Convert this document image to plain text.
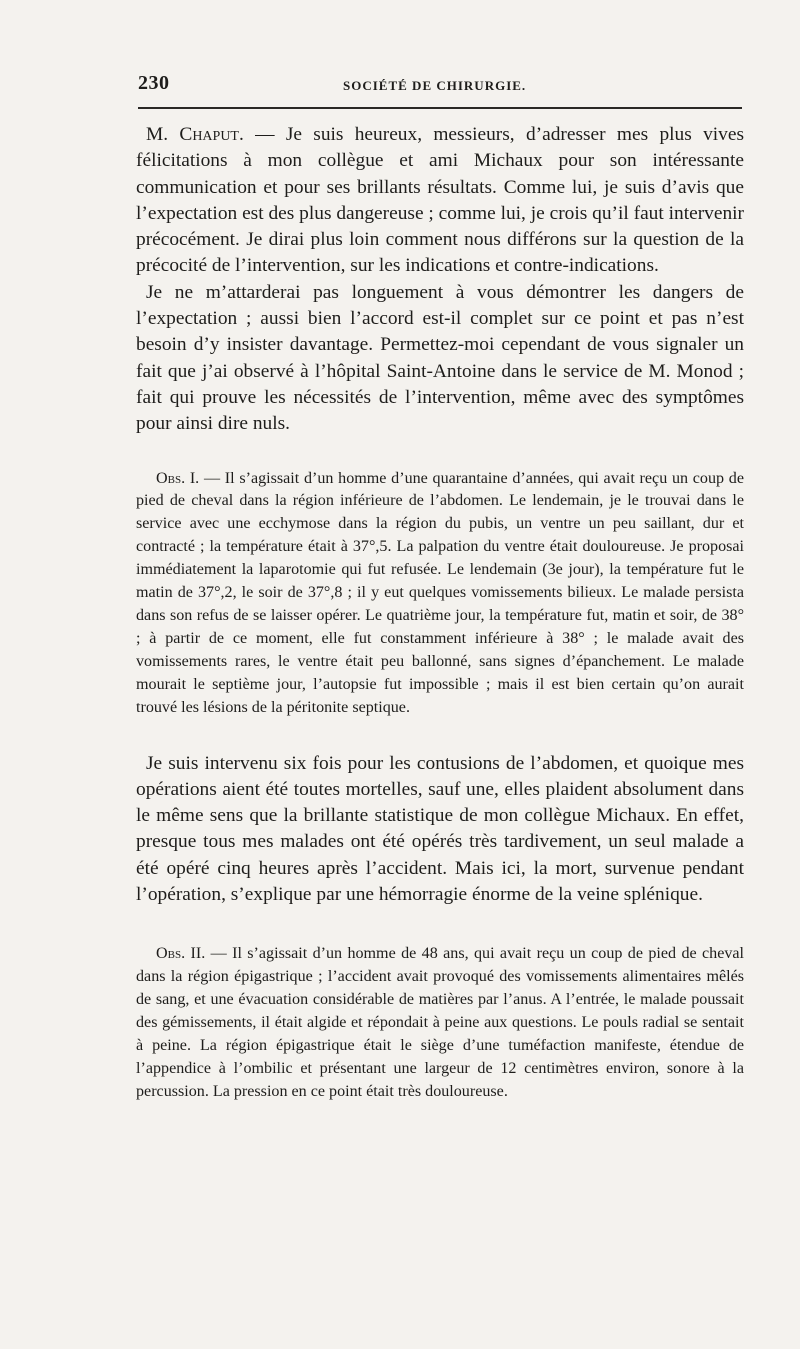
230	SOCIÉTÉ DE CHIRURGIE.

M. Chaput. — Je suis heureux, messieurs, d’adresser mes plus vives félicitations à mon collègue et ami Michaux pour son intéressante communication et pour ses brillants résultats. Comme lui, je suis d’avis que l’expectation est des plus dangereuse ; comme lui, je crois qu’il faut intervenir précocément. Je dirai plus loin comment nous différons sur la question de la précocité de l’intervention, sur les indications et contre-indications.

Je ne m’attarderai pas longuement à vous démontrer les dangers de l’expectation ; aussi bien l’accord est-il complet sur ce point et pas n’est besoin d’y insister davantage. Permettez-moi cependant de vous signaler un fait que j’ai observé à l’hôpital Saint-Antoine dans le service de M. Monod ; fait qui prouve les nécessités de l’intervention, même avec des symptômes pour ainsi dire nuls.

Obs. I. — Il s’agissait d’un homme d’une quarantaine d’années, qui avait reçu un coup de pied de cheval dans la région inférieure de l’abdomen. Le lendemain, je le trouvai dans le service avec une ecchymose dans la région du pubis, un ventre un peu saillant, dur et contracté ; la température était à 37°,5. La palpation du ventre était douloureuse. Je proposai immédiatement la laparotomie qui fut refusée. Le lendemain (3e jour), la température fut le matin de 37°,2, le soir de 37°,8 ; il y eut quelques vomissements bilieux. Le malade persista dans son refus de se laisser opérer. Le quatrième jour, la température fut, matin et soir, de 38° ; à partir de ce moment, elle fut constamment inférieure à 38° ; le malade avait des vomissements rares, le ventre était peu ballonné, sans signes d’épanchement. Le malade mourait le septième jour, l’autopsie fut impossible ; mais il est bien certain qu’on aurait trouvé les lésions de la péritonite septique.

Je suis intervenu six fois pour les contusions de l’abdomen, et quoique mes opérations aient été toutes mortelles, sauf une, elles plaident absolument dans le même sens que la brillante statistique de mon collègue Michaux. En effet, presque tous mes malades ont été opérés très tardivement, un seul malade a été opéré cinq heures après l’accident. Mais ici, la mort, survenue pendant l’opération, s’explique par une hémorragie énorme de la veine splénique.

Obs. II. — Il s’agissait d’un homme de 48 ans, qui avait reçu un coup de pied de cheval dans la région épigastrique ; l’accident avait provoqué des vomissements alimentaires mêlés de sang, et une évacuation considérable de matières par l’anus. A l’entrée, le malade poussait des gémissements, il était algide et répondait à peine aux questions. Le pouls radial se sentait à peine. La région épigastrique était le siège d’une tuméfaction manifeste, étendue de l’appendice à l’ombilic et présentant une largeur de 12 centimètres environ, sonore à la percussion. La pression en ce point était très douloureuse.
